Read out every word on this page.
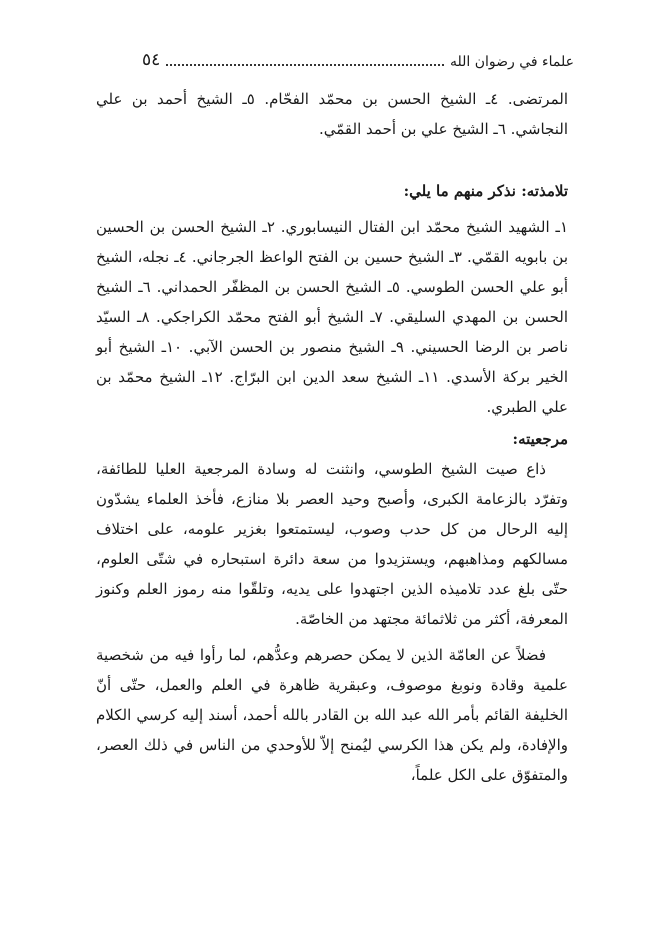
علماء في رضوان الله
٥٤

المرتضى. ٤ـ الشيخ الحسن بن محمّد الفحّام. ٥ـ الشيخ أحمد بن علي النجاشي. ٦ـ الشيخ علي بن أحمد القمّي.

تلامذته: نذكر منهم ما يلي:

١ـ الشهيد الشيخ محمّد ابن الفتال النيسابوري. ٢ـ الشيخ الحسن بن الحسين بن بابويه القمّي. ٣ـ الشيخ حسين بن الفتح الواعظ الجرجاني. ٤ـ نجله، الشيخ أبو علي الحسن الطوسي. ٥ـ الشيخ الحسن بن المظفّر الحمداني. ٦ـ الشيخ الحسن بن المهدي السليقي. ٧ـ الشيخ أبو الفتح محمّد الكراجكي. ٨ـ السيّد ناصر بن الرضا الحسيني. ٩ـ الشيخ منصور بن الحسن الآبي. ١٠ـ الشيخ أبو الخير بركة الأسدي. ١١ـ الشيخ سعد الدين ابن البرّاج. ١٢ـ الشيخ محمّد بن علي الطبري.

مرجعيته:

ذاع صيت الشيخ الطوسي، وانثنت له وسادة المرجعية العليا للطائفة، وتفرّد بالزعامة الكبرى، وأصبح وحيد العصر بلا منازع، فأخذ العلماء يشدّون إليه الرحال من كل حدب وصوب، ليستمتعوا بغزير علومه، على اختلاف مسالكهم ومذاهبهم، ويستزيدوا من سعة دائرة استبحاره في شتّى العلوم، حتّى بلغ عدد تلاميذه الذين اجتهدوا على يديه، وتلقّوا منه رموز العلم وكنوز المعرفة، أكثر من ثلاثمائة مجتهد من الخاصّة.

فضلاً عن العامّة الذين لا يمكن حصرهم وعدُّهم، لما رأوا فيه من شخصية علمية وقادة ونوبغ موصوف، وعبقرية ظاهرة في العلم والعمل، حتّى أنّ الخليفة القائم بأمر الله عبد الله بن القادر بالله أحمد، أسند إليه كرسي الكلام والإفادة، ولم يكن هذا الكرسي ليُمنح إلاّ للأوحدي من الناس في ذلك العصر، والمتفوّق على الكل علماً،
